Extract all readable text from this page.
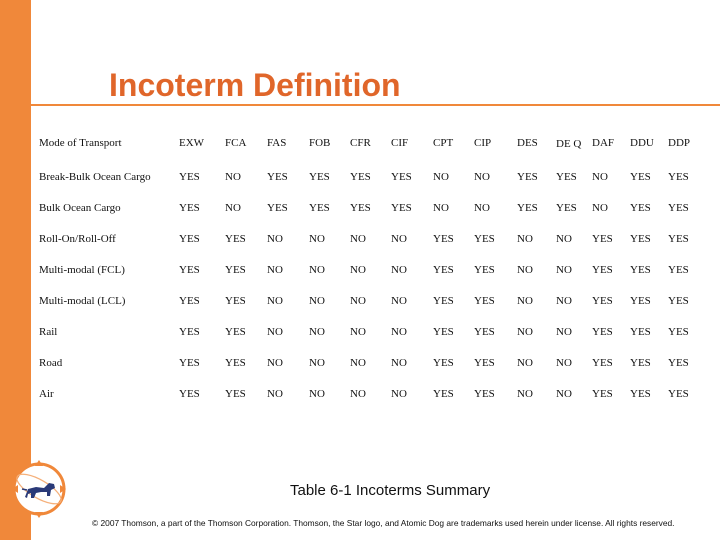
Incoterm Definition
Mode of Transport	EXW	FCA	FAS	FOB	CFR	CIF	CPT	CIP	DES	DE Q	DAF	DDU	DDP
Break-Bulk Ocean Cargo	YES	NO	YES	YES	YES	YES	NO	NO	YES	YES	NO	YES	YES
Bulk Ocean Cargo	YES	NO	YES	YES	YES	YES	NO	NO	YES	YES	NO	YES	YES
Roll-On/Roll-Off	YES	YES	NO	NO	NO	NO	YES	YES	NO	NO	YES	YES	YES
Multi-modal (FCL)	YES	YES	NO	NO	NO	NO	YES	YES	NO	NO	YES	YES	YES
Multi-modal (LCL)	YES	YES	NO	NO	NO	NO	YES	YES	NO	NO	YES	YES	YES
Rail	YES	YES	NO	NO	NO	NO	YES	YES	NO	NO	YES	YES	YES
Road	YES	YES	NO	NO	NO	NO	YES	YES	NO	NO	YES	YES	YES
Air	YES	YES	NO	NO	NO	NO	YES	YES	NO	NO	YES	YES	YES
Table 6-1 Incoterms Summary
© 2007 Thomson, a part of the Thomson Corporation. Thomson, the Star logo, and Atomic Dog are trademarks used herein under license. All rights reserved.
